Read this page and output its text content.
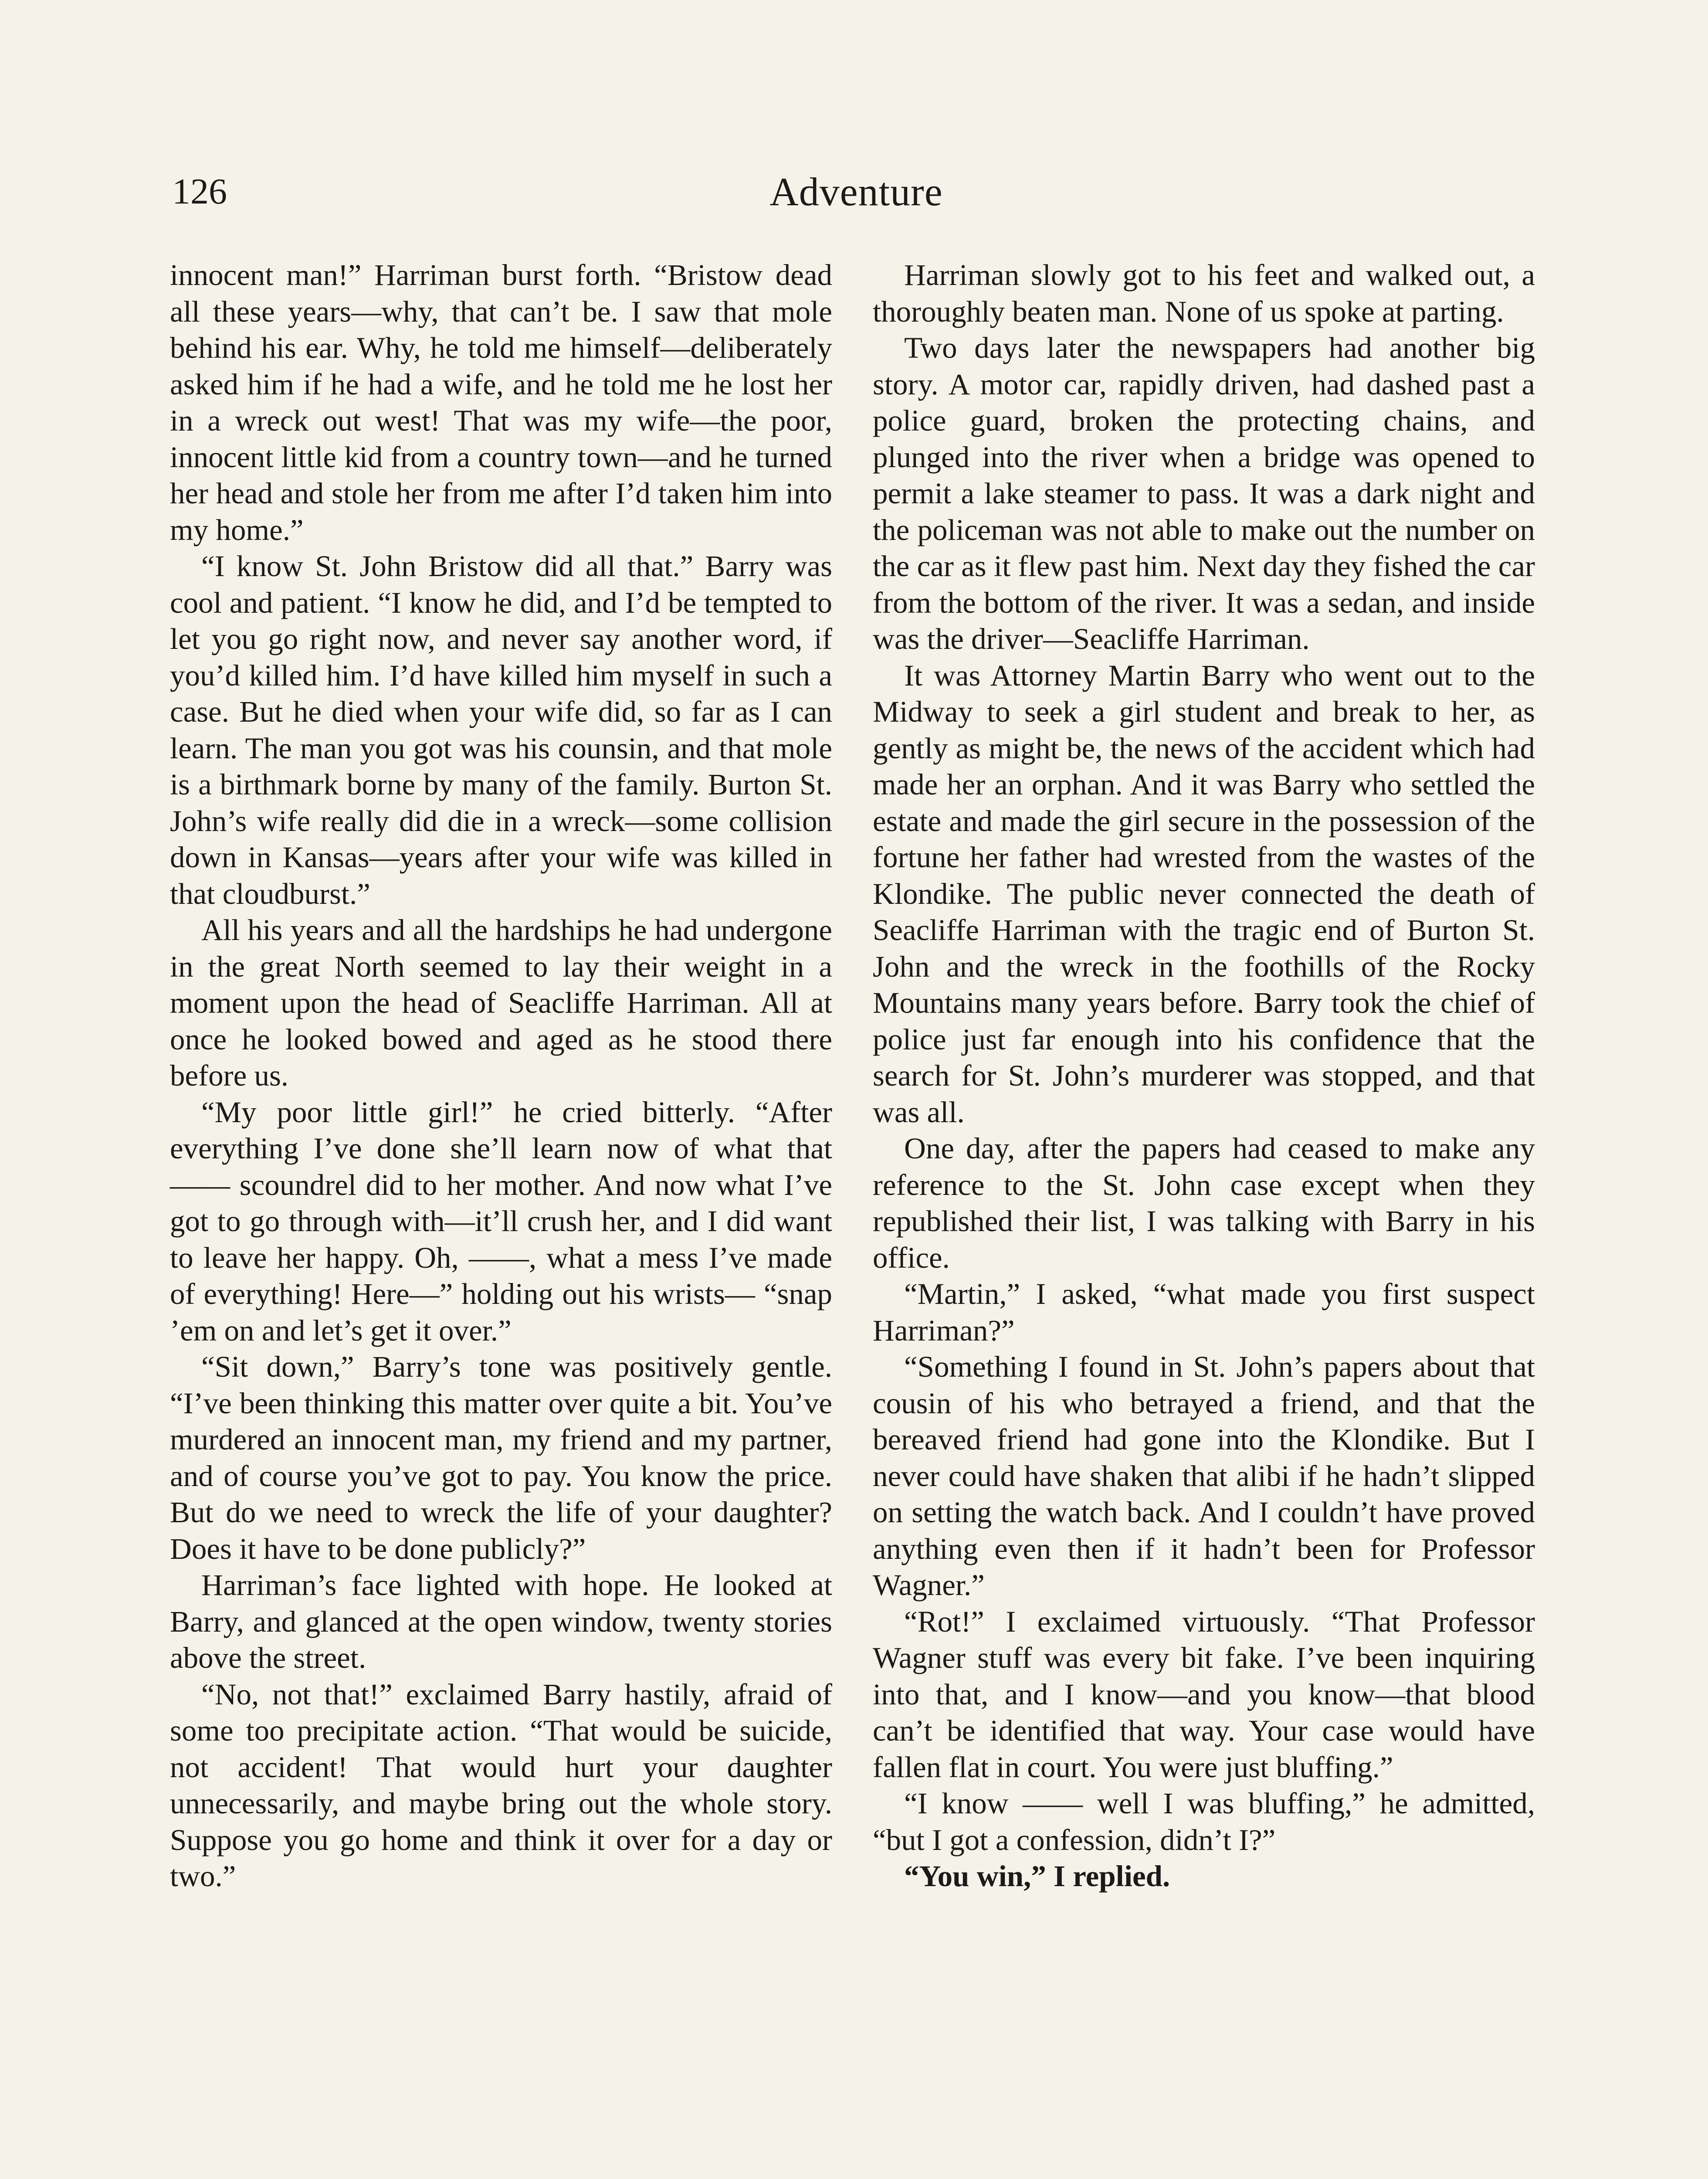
126	Adventure

innocent man!” Harriman burst forth. “Bristow dead all these years—why, that can’t be. I saw that mole behind his ear. Why, he told me himself—deliberately asked him if he had a wife, and he told me he lost her in a wreck out west! That was my wife—the poor, innocent little kid from a country town—and he turned her head and stole her from me after I’d taken him into my home.”

“I know St. John Bristow did all that.” Barry was cool and patient. “I know he did, and I’d be tempted to let you go right now, and never say another word, if you’d killed him. I’d have killed him myself in such a case. But he died when your wife did, so far as I can learn. The man you got was his counsin, and that mole is a birthmark borne by many of the family. Burton St. John’s wife really did die in a wreck—some collision down in Kansas—years after your wife was killed in that cloudburst.”

All his years and all the hardships he had undergone in the great North seemed to lay their weight in a moment upon the head of Seacliffe Harriman. All at once he looked bowed and aged as he stood there before us.

“My poor little girl!” he cried bitterly. “After everything I’ve done she’ll learn now of what that —— scoundrel did to her mother. And now what I’ve got to go through with—it’ll crush her, and I did want to leave her happy. Oh, ——, what a mess I’ve made of everything! Here—” holding out his wrists— “snap ’em on and let’s get it over.”

“Sit down,” Barry’s tone was positively gentle. “I’ve been thinking this matter over quite a bit. You’ve murdered an innocent man, my friend and my partner, and of course you’ve got to pay. You know the price. But do we need to wreck the life of your daughter? Does it have to be done publicly?”

Harriman’s face lighted with hope. He looked at Barry, and glanced at the open window, twenty stories above the street.

“No, not that!” exclaimed Barry hastily, afraid of some too precipitate action. “That would be suicide, not accident! That would hurt your daughter unnecessarily, and maybe bring out the whole story. Suppose you go home and think it over for a day or two.”

Harriman slowly got to his feet and walked out, a thoroughly beaten man. None of us spoke at parting.

Two days later the newspapers had another big story. A motor car, rapidly driven, had dashed past a police guard, broken the protecting chains, and plunged into the river when a bridge was opened to permit a lake steamer to pass. It was a dark night and the policeman was not able to make out the number on the car as it flew past him. Next day they fished the car from the bottom of the river. It was a sedan, and inside was the driver—Seacliffe Harriman.

It was Attorney Martin Barry who went out to the Midway to seek a girl student and break to her, as gently as might be, the news of the accident which had made her an orphan. And it was Barry who settled the estate and made the girl secure in the possession of the fortune her father had wrested from the wastes of the Klondike. The public never connected the death of Seacliffe Harriman with the tragic end of Burton St. John and the wreck in the foothills of the Rocky Mountains many years before. Barry took the chief of police just far enough into his confidence that the search for St. John’s murderer was stopped, and that was all.

One day, after the papers had ceased to make any reference to the St. John case except when they republished their list, I was talking with Barry in his office.

“Martin,” I asked, “what made you first suspect Harriman?”

“Something I found in St. John’s papers about that cousin of his who betrayed a friend, and that the bereaved friend had gone into the Klondike. But I never could have shaken that alibi if he hadn’t slipped on setting the watch back. And I couldn’t have proved anything even then if it hadn’t been for Professor Wagner.”

“Rot!” I exclaimed virtuously. “That Professor Wagner stuff was every bit fake. I’ve been inquiring into that, and I know—and you know—that blood can’t be identified that way. Your case would have fallen flat in court. You were just bluffing.”

“I know —— well I was bluffing,” he admitted, “but I got a confession, didn’t I?”

“You win,” I replied.
